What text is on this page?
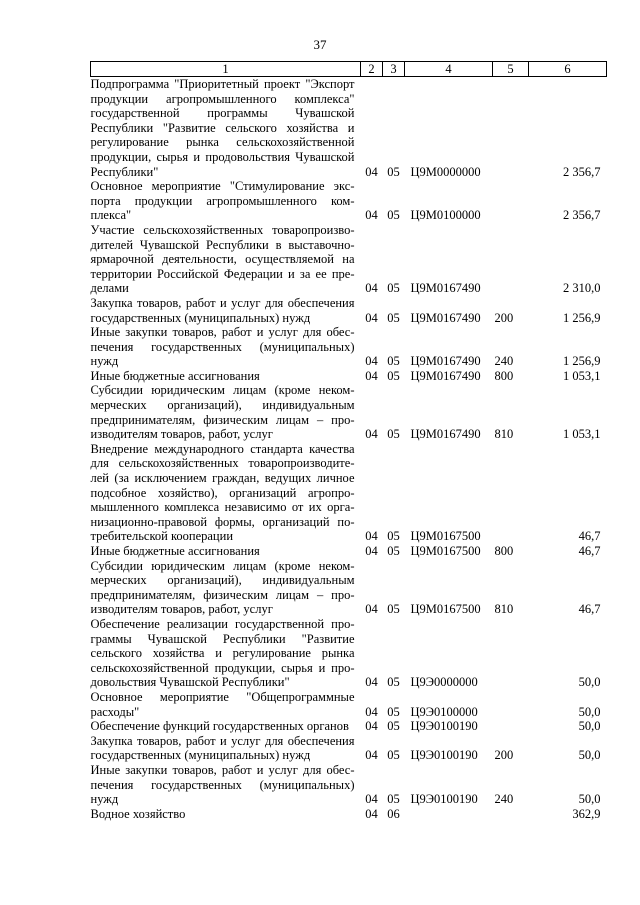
37
1	2	3	4	5	6
Подпрограмма "Приоритетный проект "Экспорт продукции агропромышленного комплекса" государственной программы Чувашской Республики "Развитие сельского хозяйства и регулирование рынка сельскохозяйственной продукции, сырья и продовольствия Чувашской Республики"	04	05	Ц9М0000000		2 356,7
Основное мероприятие "Стимулирование экспорта продукции агропромышленного комплекса"	04	05	Ц9М0100000		2 356,7
Участие сельскохозяйственных товаропроизводителей Чувашской Республики в выставочно-ярмарочной деятельности, осуществляемой на территории Российской Федерации и за ее пределами	04	05	Ц9М0167490		2 310,0
Закупка товаров, работ и услуг для обеспечения государственных (муниципальных) нужд	04	05	Ц9М0167490	200	1 256,9
Иные закупки товаров, работ и услуг для обеспечения государственных (муниципальных) нужд	04	05	Ц9М0167490	240	1 256,9
Иные бюджетные ассигнования	04	05	Ц9М0167490	800	1 053,1
Субсидии юридическим лицам (кроме некоммерческих организаций), индивидуальным предпринимателям, физическим лицам – производителям товаров, работ, услуг	04	05	Ц9М0167490	810	1 053,1
Внедрение международного стандарта качества для сельскохозяйственных товаропроизводителей (за исключением граждан, ведущих личное подсобное хозяйство), организаций агропромышленного комплекса независимо от их организационно-правовой формы, организаций потребительской кооперации	04	05	Ц9М0167500		46,7
Иные бюджетные ассигнования	04	05	Ц9М0167500	800	46,7
Субсидии юридическим лицам (кроме некоммерческих организаций), индивидуальным предпринимателям, физическим лицам – производителям товаров, работ, услуг	04	05	Ц9М0167500	810	46,7
Обеспечение реализации государственной программы Чувашской Республики "Развитие сельского хозяйства и регулирование рынка сельскохозяйственной продукции, сырья и продовольствия Чувашской Республики"	04	05	Ц9Э0000000		50,0
Основное мероприятие "Общепрограммные расходы"	04	05	Ц9Э0100000		50,0
Обеспечение функций государственных органов	04	05	Ц9Э0100190		50,0
Закупка товаров, работ и услуг для обеспечения государственных (муниципальных) нужд	04	05	Ц9Э0100190	200	50,0
Иные закупки товаров, работ и услуг для обеспечения государственных (муниципальных) нужд	04	05	Ц9Э0100190	240	50,0
Водное хозяйство	04	06			362,9
